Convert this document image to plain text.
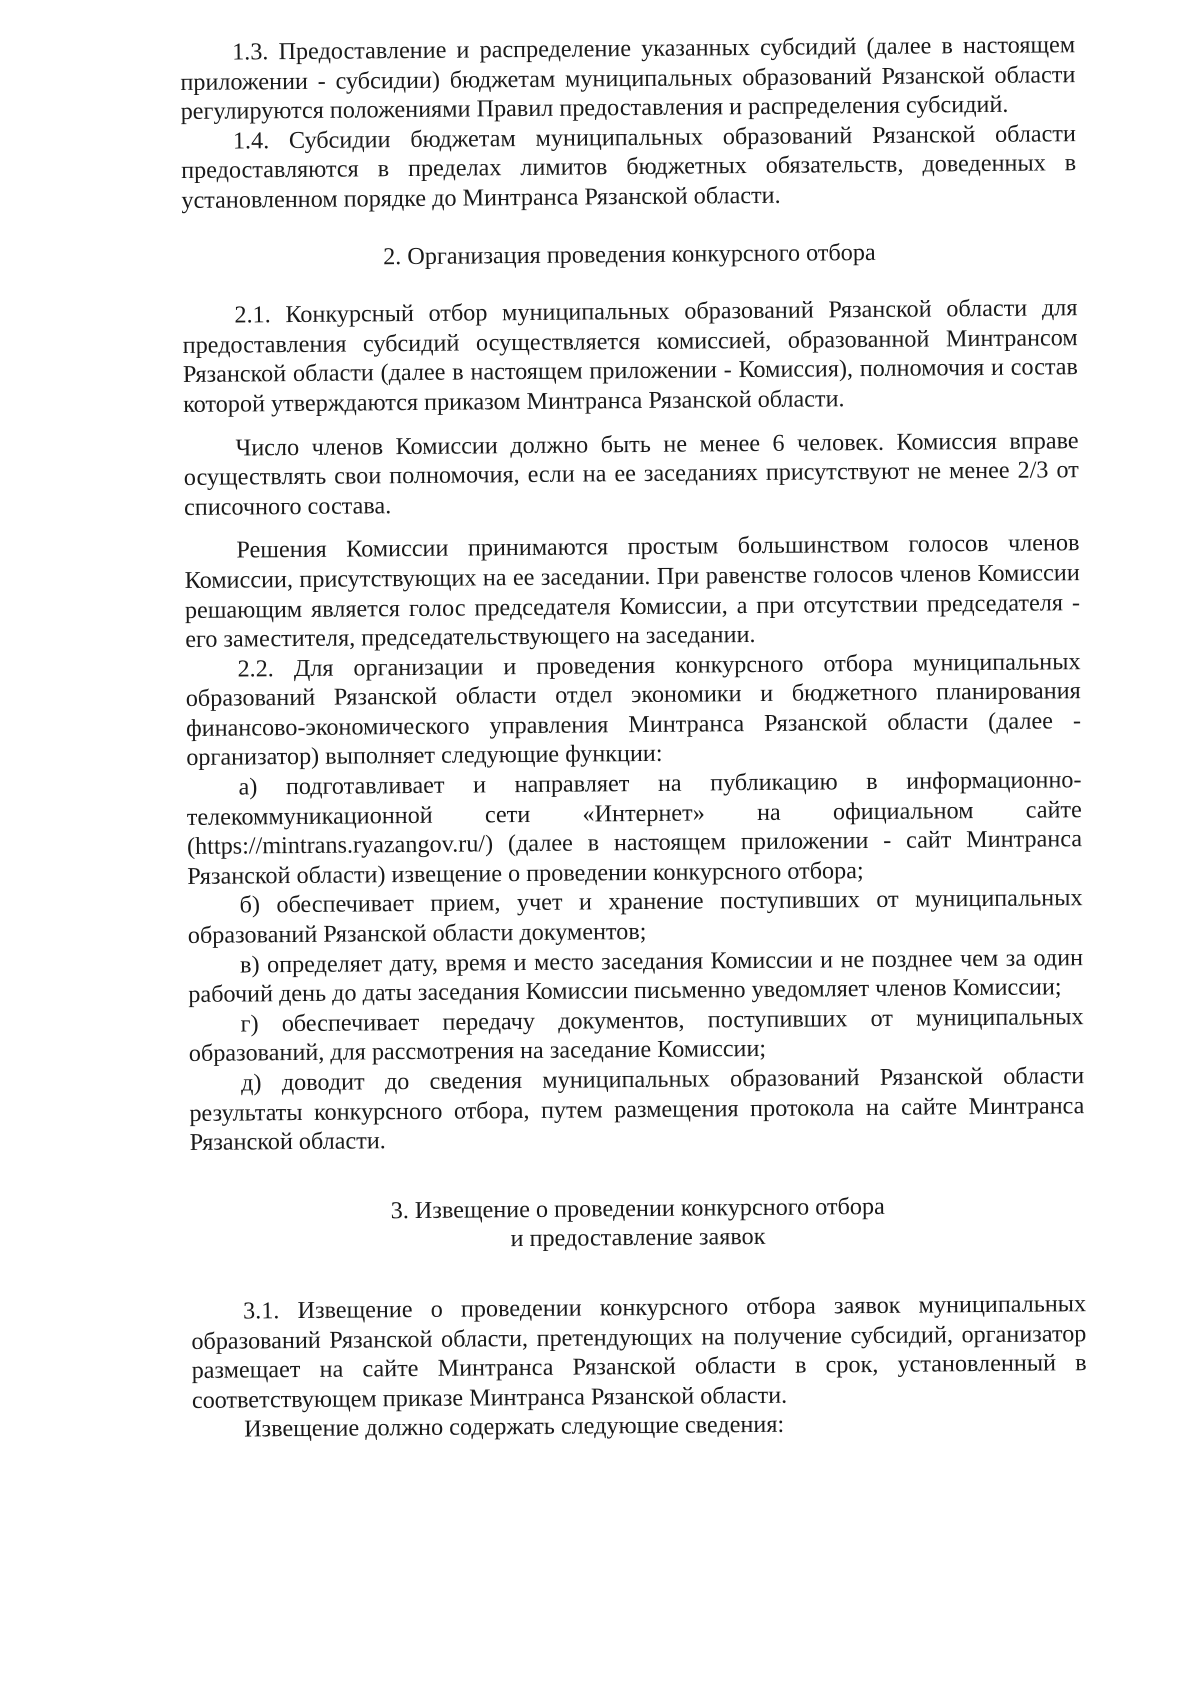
1.3. Предоставление и распределение указанных субсидий (далее в настоящем приложении - субсидии) бюджетам муниципальных образований Рязанской области регулируются положениями Правил предоставления и распределения субсидий.

1.4. Субсидии бюджетам муниципальных образований Рязанской области предоставляются в пределах лимитов бюджетных обязательств, доведенных в установленном порядке до Минтранса Рязанской области.

2. Организация проведения конкурсного отбора

2.1. Конкурсный отбор муниципальных образований Рязанской области для предоставления субсидий осуществляется комиссией, образованной Минтрансом Рязанской области (далее в настоящем приложении - Комиссия), полномочия и состав которой утверждаются приказом Минтранса Рязанской области.

Число членов Комиссии должно быть не менее 6 человек. Комиссия вправе осуществлять свои полномочия, если на ее заседаниях присутствуют не менее 2/3 от списочного состава.

Решения Комиссии принимаются простым большинством голосов членов Комиссии, присутствующих на ее заседании. При равенстве голосов членов Комиссии решающим является голос председателя Комиссии, а при отсутствии председателя - его заместителя, председательствующего на заседании.

2.2. Для организации и проведения конкурсного отбора муниципальных образований Рязанской области отдел экономики и бюджетного планирования финансово-экономического управления Минтранса Рязанской области (далее - организатор) выполняет следующие функции:

а) подготавливает и направляет на публикацию в информационно-телекоммуникационной сети «Интернет» на официальном сайте (https://mintrans.ryazangov.ru/) (далее в настоящем приложении - сайт Минтранса Рязанской области) извещение о проведении конкурсного отбора;

б) обеспечивает прием, учет и хранение поступивших от муниципальных образований Рязанской области документов;

в) определяет дату, время и место заседания Комиссии и не позднее чем за один рабочий день до даты заседания Комиссии письменно уведомляет членов Комиссии;

г) обеспечивает передачу документов, поступивших от муниципальных образований, для рассмотрения на заседание Комиссии;

д) доводит до сведения муниципальных образований Рязанской области результаты конкурсного отбора, путем размещения протокола на сайте Минтранса Рязанской области.

3. Извещение о проведении конкурсного отбора
и предоставление заявок

3.1. Извещение о проведении конкурсного отбора заявок муниципальных образований Рязанской области, претендующих на получение субсидий, организатор размещает на сайте Минтранса Рязанской области в срок, установленный в соответствующем приказе Минтранса Рязанской области.

Извещение должно содержать следующие сведения:
